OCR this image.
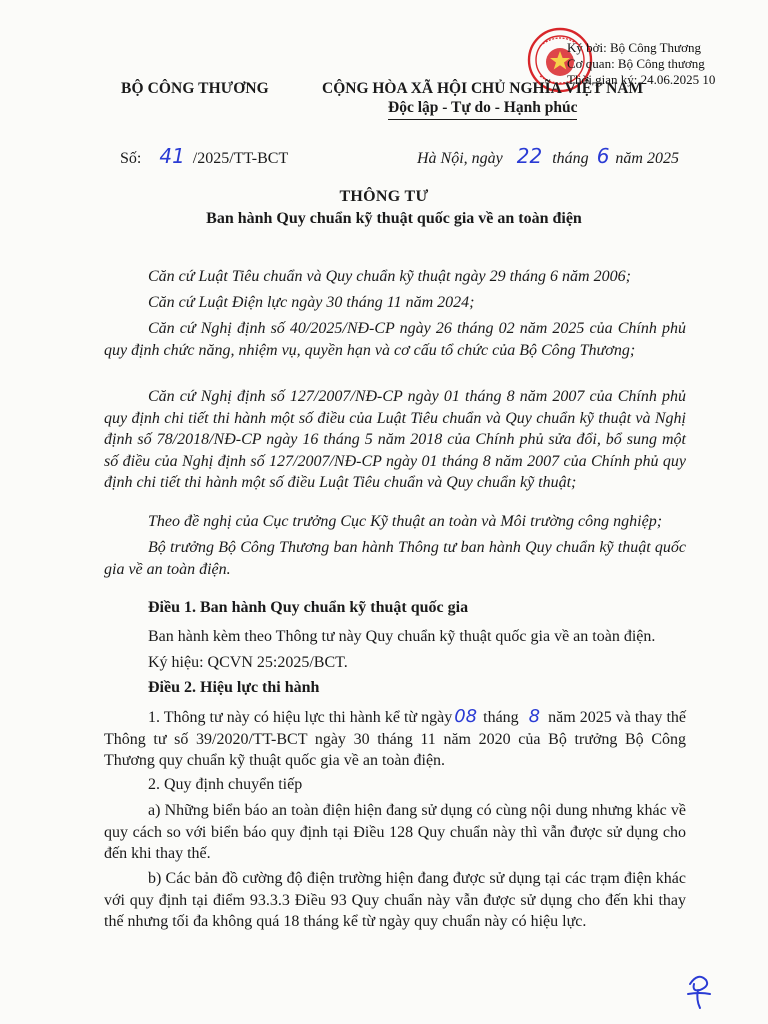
Ký bởi: Bộ Công Thương
Cơ quan: Bộ Công thương
Thời gian ký: 24.06.2025 10
BỘ CÔNG THƯƠNG	CỘNG HÒA XÃ HỘI CHỦ NGHĨA VIỆT NAM
Độc lập - Tự do - Hạnh phúc
Số: 41 /2025/TT-BCT	Hà Nội, ngày 22 tháng 6 năm 2025
THÔNG TƯ
Ban hành Quy chuẩn kỹ thuật quốc gia về an toàn điện
Căn cứ Luật Tiêu chuẩn và Quy chuẩn kỹ thuật ngày 29 tháng 6 năm 2006;
Căn cứ Luật Điện lực ngày 30 tháng 11 năm 2024;
Căn cứ Nghị định số 40/2025/NĐ-CP ngày 26 tháng 02 năm 2025 của Chính phủ quy định chức năng, nhiệm vụ, quyền hạn và cơ cấu tổ chức của Bộ Công Thương;
Căn cứ Nghị định số 127/2007/NĐ-CP ngày 01 tháng 8 năm 2007 của Chính phủ quy định chi tiết thi hành một số điều của Luật Tiêu chuẩn và Quy chuẩn kỹ thuật và Nghị định số 78/2018/NĐ-CP ngày 16 tháng 5 năm 2018 của Chính phủ sửa đổi, bổ sung một số điều của Nghị định số 127/2007/NĐ-CP ngày 01 tháng 8 năm 2007 của Chính phủ quy định chi tiết thi hành một số điều Luật Tiêu chuẩn và Quy chuẩn kỹ thuật;
Theo đề nghị của Cục trưởng Cục Kỹ thuật an toàn và Môi trường công nghiệp;
Bộ trưởng Bộ Công Thương ban hành Thông tư ban hành Quy chuẩn kỹ thuật quốc gia về an toàn điện.
Điều 1. Ban hành Quy chuẩn kỹ thuật quốc gia
Ban hành kèm theo Thông tư này Quy chuẩn kỹ thuật quốc gia về an toàn điện.
Ký hiệu: QCVN 25:2025/BCT.
Điều 2. Hiệu lực thi hành
1. Thông tư này có hiệu lực thi hành kể từ ngày 08 tháng 8 năm 2025 và thay thế Thông tư số 39/2020/TT-BCT ngày 30 tháng 11 năm 2020 của Bộ trưởng Bộ Công Thương quy chuẩn kỹ thuật quốc gia về an toàn điện.
2. Quy định chuyển tiếp
a) Những biển báo an toàn điện hiện đang sử dụng có cùng nội dung nhưng khác về quy cách so với biển báo quy định tại Điều 128 Quy chuẩn này thì vẫn được sử dụng cho đến khi thay thế.
b) Các bản đồ cường độ điện trường hiện đang được sử dụng tại các trạm điện khác với quy định tại điểm 93.3.3 Điều 93 Quy chuẩn này vẫn được sử dụng cho đến khi thay thế nhưng tối đa không quá 18 tháng kể từ ngày quy chuẩn này có hiệu lực.
